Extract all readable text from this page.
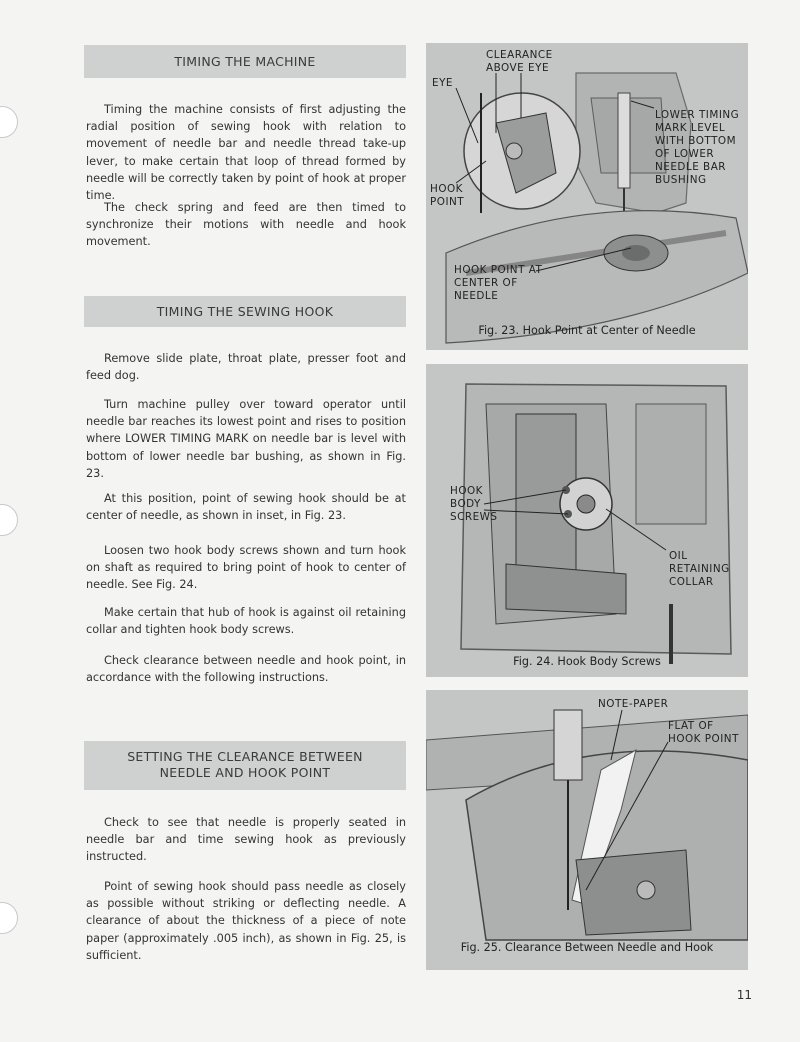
TIMING THE MACHINE

Timing the machine consists of first adjusting the radial position of sewing hook with relation to movement of needle bar and needle thread take-up lever, to make certain that loop of thread formed by needle will be correctly taken by point of hook at proper time.

The check spring and feed are then timed to synchronize their motions with needle and hook movement.

TIMING THE SEWING HOOK

Remove slide plate, throat plate, presser foot and feed dog.

Turn machine pulley over toward operator until needle bar reaches its lowest point and rises to position where LOWER TIMING MARK on needle bar is level with bottom of lower needle bar bushing, as shown in Fig. 23.

At this position, point of sewing hook should be at center of needle, as shown in inset, in Fig. 23.

Loosen two hook body screws shown and turn hook on shaft as required to bring point of hook to center of needle. See Fig. 24.

Make certain that hub of hook is against oil retaining collar and tighten hook body screws.

Check clearance between needle and hook point, in accordance with the following instructions.

SETTING THE CLEARANCE BETWEEN
NEEDLE AND HOOK POINT

Check to see that needle is properly seated in needle bar and time sewing hook as previously instructed.

Point of sewing hook should pass needle as closely as possible without striking or deflecting needle. A clearance of about the thickness of a piece of note paper (approximately .005 inch), as shown in Fig. 25, is sufficient.

CLEARANCE
ABOVE EYE
EYE
LOWER TIMING
MARK LEVEL
WITH BOTTOM
OF LOWER
NEEDLE BAR
BUSHING
HOOK
POINT
HOOK POINT AT
CENTER OF
NEEDLE
Fig. 23. Hook Point at Center of Needle
HOOK
BODY
SCREWS
OIL
RETAINING
COLLAR
Fig. 24. Hook Body Screws
NOTE-PAPER
FLAT OF
HOOK POINT
Fig. 25. Clearance Between Needle and Hook
11
